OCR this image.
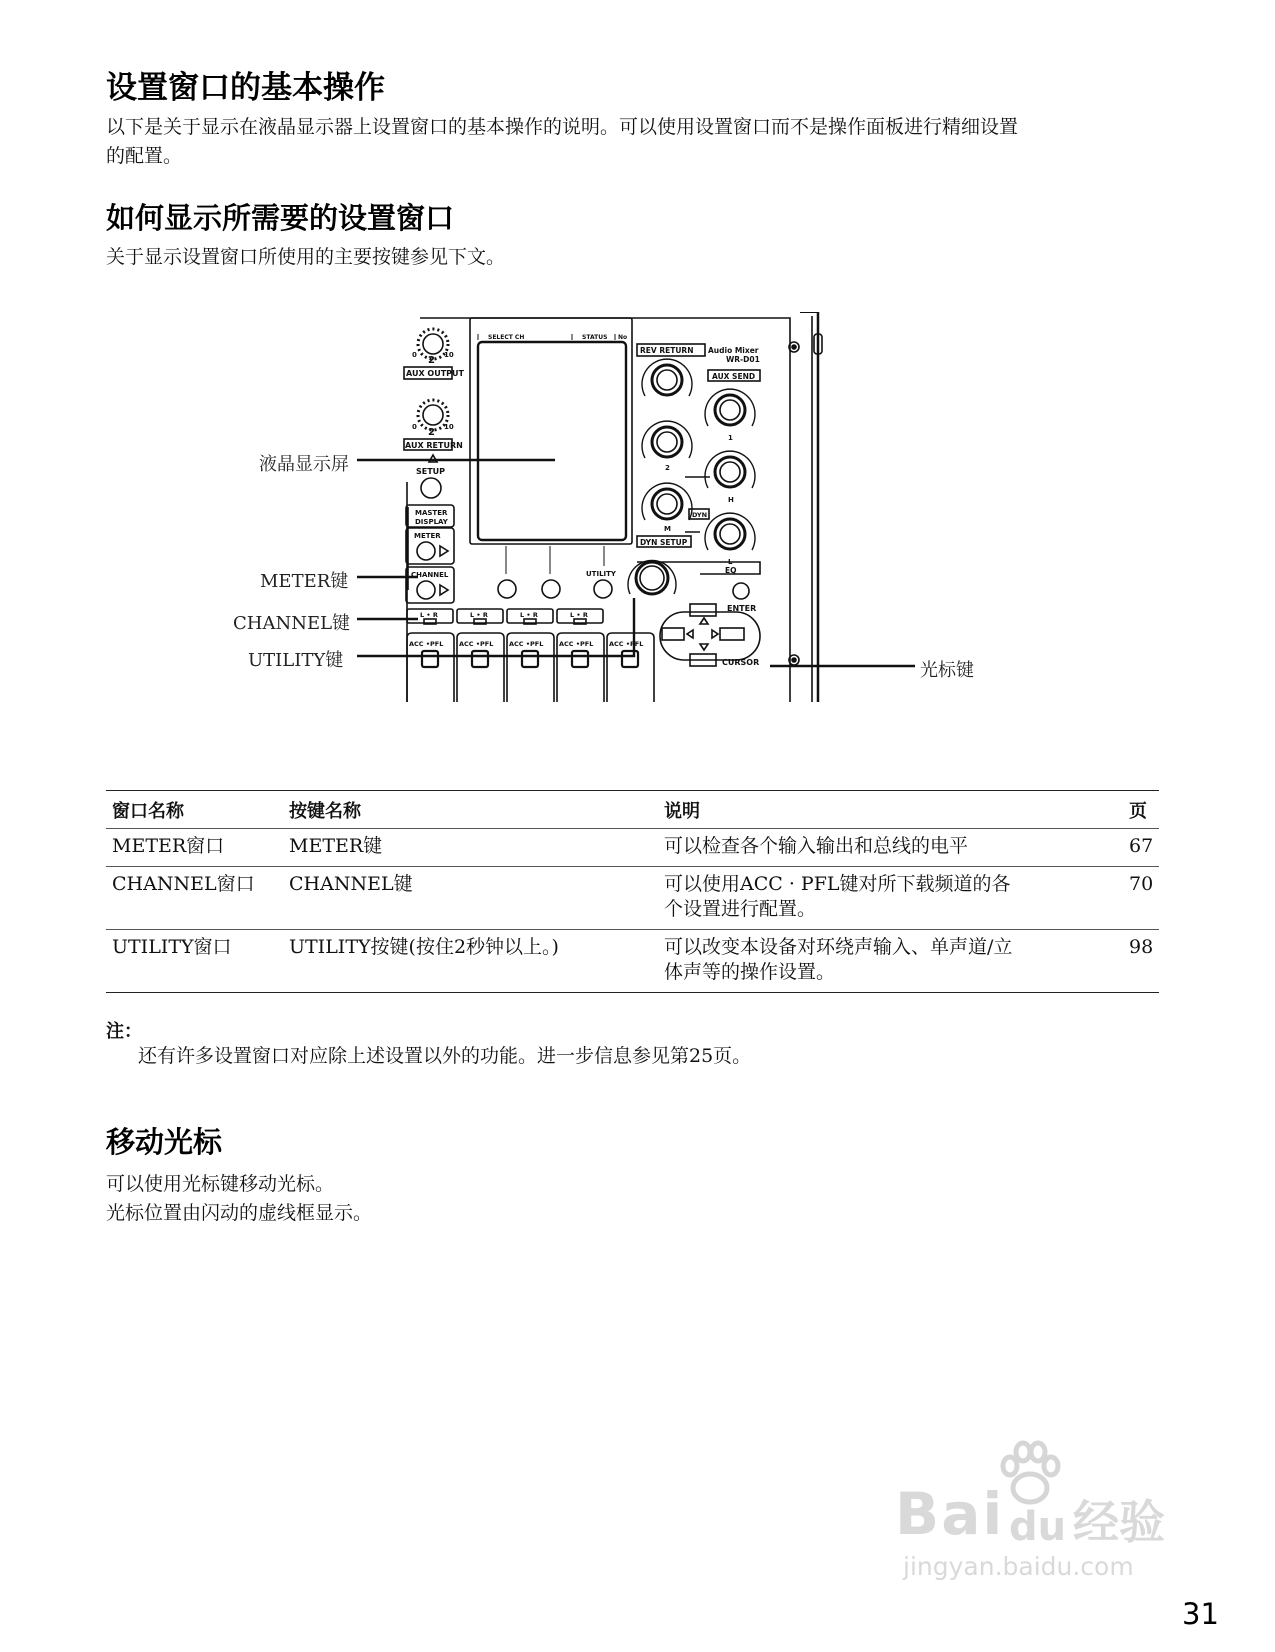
设置窗口的基本操作

以下是关于显示在液晶显示器上设置窗口的基本操作的说明。可以使用设置窗口而不是操作面板进行精细设置
的配置。

如何显示所需要的设置窗口

关于显示设置窗口所使用的主要按键参见下文。

SELECT CH	STATUS No
0 2 10
AUX OUTPUT
0 2 10
AUX RETURN
SETUP
MASTER
DISPLAY
METER
CHANNEL	UTILITY
REV RETURN Audio Mixer
WR-D01
AUX SEND
1
2
H
M
DYN
L
DYN SETUP
EQ
ENTER
CURSOR
L • R	L • R	L • R	L • R
ACC •PFL ACC •PFL ACC •PFL ACC •PFL ACC •PFL
液晶显示屏
METER键
CHANNEL键
UTILITY键	光标键
窗口名称	按键名称	说明	页
METER窗口	METER键	可以检查各个输入输出和总线的电平	67
CHANNEL窗口	CHANNEL键	可以使用ACC · PFL键对所下载频道的各
个设置进行配置。	70
UTILITY窗口	UTILITY按键(按住2秒钟以上。)	可以改变本设备对环绕声输入、单声道/立
体声等的操作设置。	98

注：

还有许多设置窗口对应除上述设置以外的功能。进一步信息参见第25页。

移动光标

可以使用光标键移动光标。
光标位置由闪动的虚线框显示。

Bai du 经验
jingyan.baidu.com
31
